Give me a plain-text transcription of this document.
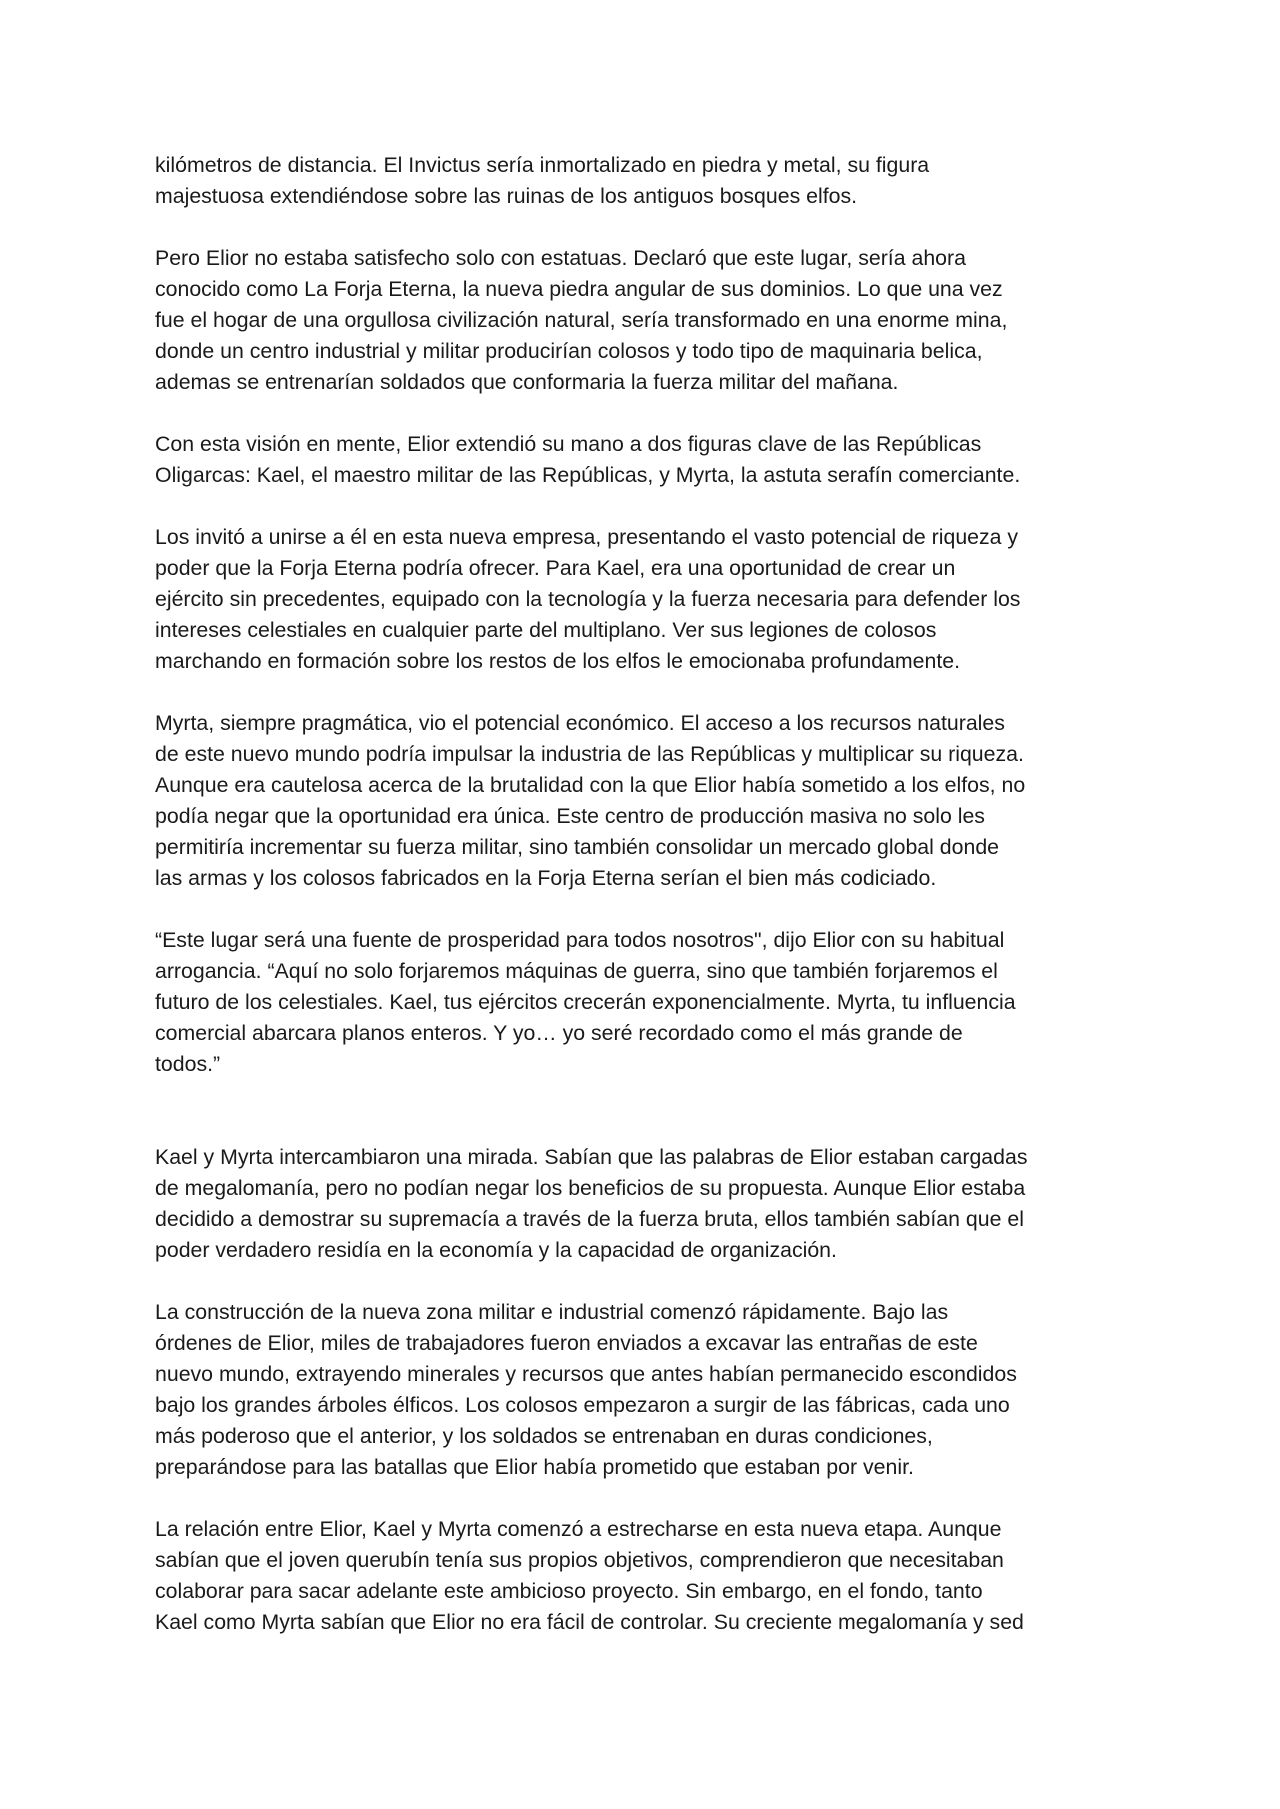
kilómetros de distancia. El Invictus sería inmortalizado en piedra y metal, su figura
majestuosa extendiéndose sobre las ruinas de los antiguos bosques elfos.

Pero Elior no estaba satisfecho solo con estatuas. Declaró que este lugar, sería ahora
conocido como La Forja Eterna, la nueva piedra angular de sus dominios. Lo que una vez
fue el hogar de una orgullosa civilización natural, sería transformado en una enorme mina,
donde un centro industrial y militar producirían colosos y todo tipo de maquinaria belica,
ademas se entrenarían soldados que conformaria la fuerza militar del mañana.

Con esta visión en mente, Elior extendió su mano a dos figuras clave de las Repúblicas
Oligarcas: Kael, el maestro militar de las Repúblicas, y Myrta, la astuta serafín comerciante.

Los invitó a unirse a él en esta nueva empresa, presentando el vasto potencial de riqueza y
poder que la Forja Eterna podría ofrecer. Para Kael, era una oportunidad de crear un
ejército sin precedentes, equipado con la tecnología y la fuerza necesaria para defender los
intereses celestiales en cualquier parte del multiplano. Ver sus legiones de colosos
marchando en formación sobre los restos de los elfos le emocionaba profundamente.

Myrta, siempre pragmática, vio el potencial económico. El acceso a los recursos naturales
de este nuevo mundo podría impulsar la industria de las Repúblicas y multiplicar su riqueza.
Aunque era cautelosa acerca de la brutalidad con la que Elior había sometido a los elfos, no
podía negar que la oportunidad era única. Este centro de producción masiva no solo les
permitiría incrementar su fuerza militar, sino también consolidar un mercado global donde
las armas y los colosos fabricados en la Forja Eterna serían el bien más codiciado.

“Este lugar será una fuente de prosperidad para todos nosotros", dijo Elior con su habitual
arrogancia. “Aquí no solo forjaremos máquinas de guerra, sino que también forjaremos el
futuro de los celestiales. Kael, tus ejércitos crecerán exponencialmente. Myrta, tu influencia
comercial abarcara planos enteros. Y yo… yo seré recordado como el más grande de
todos.”

Kael y Myrta intercambiaron una mirada. Sabían que las palabras de Elior estaban cargadas
de megalomanía, pero no podían negar los beneficios de su propuesta. Aunque Elior estaba
decidido a demostrar su supremacía a través de la fuerza bruta, ellos también sabían que el
poder verdadero residía en la economía y la capacidad de organización.

La construcción de la nueva zona militar e industrial comenzó rápidamente. Bajo las
órdenes de Elior, miles de trabajadores fueron enviados a excavar las entrañas de este
nuevo mundo, extrayendo minerales y recursos que antes habían permanecido escondidos
bajo los grandes árboles élficos. Los colosos empezaron a surgir de las fábricas, cada uno
más poderoso que el anterior, y los soldados se entrenaban en duras condiciones,
preparándose para las batallas que Elior había prometido que estaban por venir.

La relación entre Elior, Kael y Myrta comenzó a estrecharse en esta nueva etapa. Aunque
sabían que el joven querubín tenía sus propios objetivos, comprendieron que necesitaban
colaborar para sacar adelante este ambicioso proyecto. Sin embargo, en el fondo, tanto
Kael como Myrta sabían que Elior no era fácil de controlar. Su creciente megalomanía y sed
